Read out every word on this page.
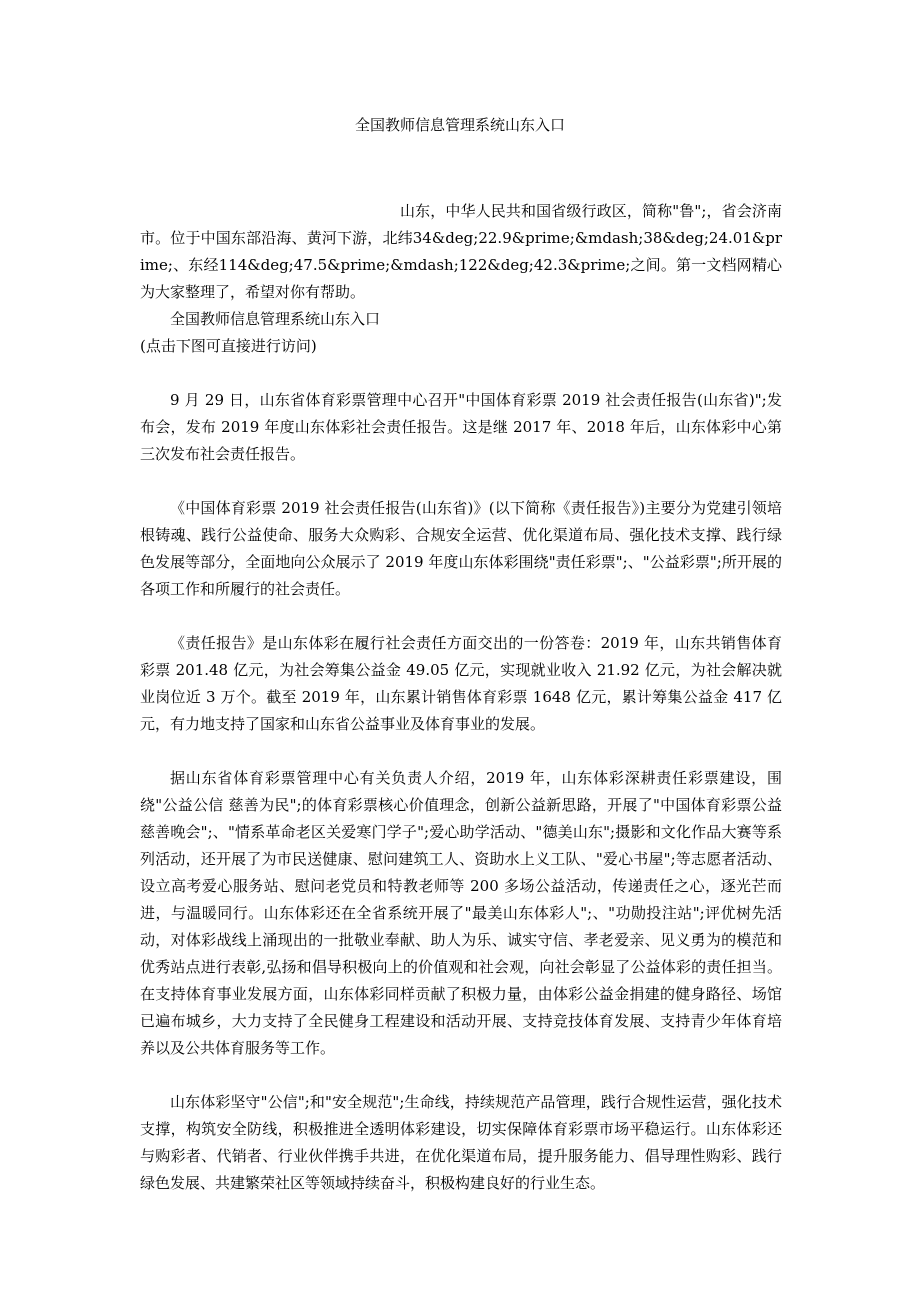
全国教师信息管理系统山东入口

山东，中华人民共和国省级行政区，简称"鲁";，省会济南市。位于中国东部沿海、黄河下游，北纬34&deg;22.9&prime;&mdash;38&deg;24.01&prime;、东经114&deg;47.5&prime;&mdash;122&deg;42.3&prime;之间。第一文档网精心为大家整理了，希望对你有帮助。

全国教师信息管理系统山东入口

(点击下图可直接进行访问)

9 月 29 日，山东省体育彩票管理中心召开"中国体育彩票 2019 社会责任报告(山东省)";发布会，发布 2019 年度山东体彩社会责任报告。这是继 2017 年、2018 年后，山东体彩中心第三次发布社会责任报告。

《中国体育彩票 2019 社会责任报告(山东省)》(以下简称《责任报告》)主要分为党建引领培根铸魂、践行公益使命、服务大众购彩、合规安全运营、优化渠道布局、强化技术支撑、践行绿色发展等部分，全面地向公众展示了 2019 年度山东体彩围绕"责任彩票";、"公益彩票";所开展的各项工作和所履行的社会责任。

《责任报告》是山东体彩在履行社会责任方面交出的一份答卷：2019 年，山东共销售体育彩票 201.48 亿元，为社会筹集公益金 49.05 亿元，实现就业收入 21.92 亿元，为社会解决就业岗位近 3 万个。截至 2019 年，山东累计销售体育彩票 1648 亿元，累计筹集公益金 417 亿元，有力地支持了国家和山东省公益事业及体育事业的发展。

据山东省体育彩票管理中心有关负责人介绍，2019 年，山东体彩深耕责任彩票建设，围绕"公益公信 慈善为民";的体育彩票核心价值理念，创新公益新思路，开展了"中国体育彩票公益慈善晚会";、"情系革命老区关爱寒门学子";爱心助学活动、"德美山东";摄影和文化作品大赛等系列活动，还开展了为市民送健康、慰问建筑工人、资助水上义工队、"爱心书屋";等志愿者活动、设立高考爱心服务站、慰问老党员和特教老师等 200 多场公益活动，传递责任之心，逐光芒而进，与温暖同行。山东体彩还在全省系统开展了"最美山东体彩人";、"功勋投注站";评优树先活动，对体彩战线上涌现出的一批敬业奉献、助人为乐、诚实守信、孝老爱亲、见义勇为的模范和优秀站点进行表彰,弘扬和倡导积极向上的价值观和社会观，向社会彰显了公益体彩的责任担当。在支持体育事业发展方面，山东体彩同样贡献了积极力量，由体彩公益金捐建的健身路径、场馆已遍布城乡，大力支持了全民健身工程建设和活动开展、支持竞技体育发展、支持青少年体育培养以及公共体育服务等工作。

山东体彩坚守"公信";和"安全规范";生命线，持续规范产品管理，践行合规性运营，强化技术支撑，构筑安全防线，积极推进全透明体彩建设，切实保障体育彩票市场平稳运行。山东体彩还与购彩者、代销者、行业伙伴携手共进，在优化渠道布局，提升服务能力、倡导理性购彩、践行绿色发展、共建繁荣社区等领域持续奋斗，积极构建良好的行业生态。
